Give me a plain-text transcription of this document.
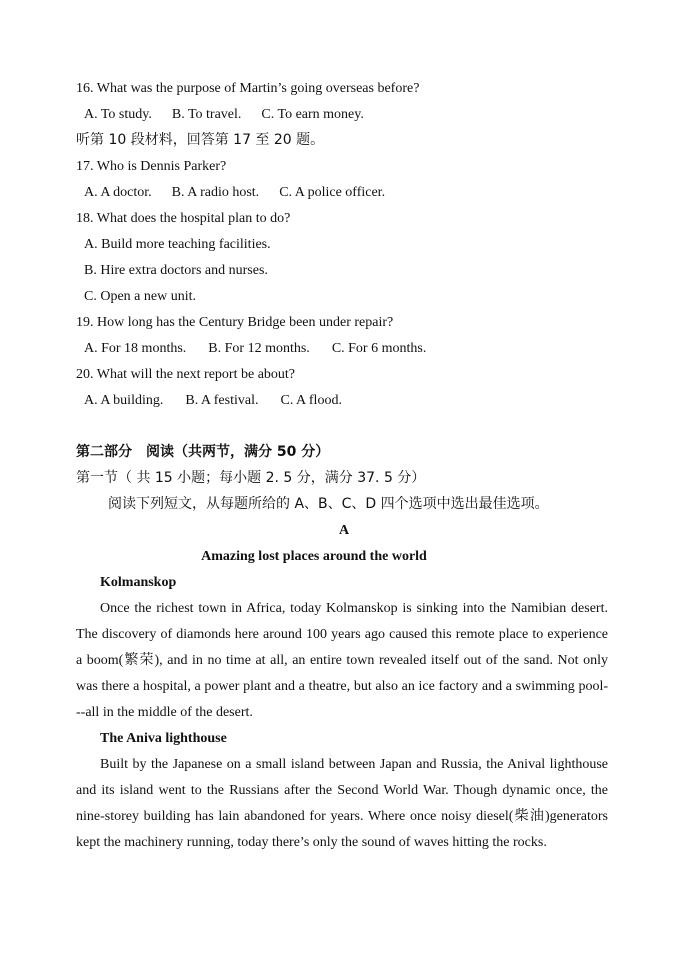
16. What was the purpose of Martin’s going overseas before?
A. To study. B. To travel. C. To earn money.
听第 10 段材料，回答第 17 至 20 题。
17. Who is Dennis Parker?
A. A doctor. B. A radio host. C. A police officer.
18. What does the hospital plan to do?
A. Build more teaching facilities.
B. Hire extra doctors and nurses.
C. Open a new unit.
19. How long has the Century Bridge been under repair?
A. For 18 months. B. For 12 months. C. For 6 months.
20. What will the next report be about?
A. A building. B. A festival. C. A flood.
第二部分　阅读（共两节，满分 50 分）
第一节（ 共 15 小题；每小题 2. 5 分，满分 37. 5 分）
阅读下列短文，从每题所给的 A、B、C、D 四个选项中选出最佳选项。
A
Amazing lost places around the world
Kolmanskop

Once the richest town in Africa, today Kolmanskop is sinking into the Namibian desert. The discovery of diamonds here around 100 years ago caused this remote place to experience a boom(繁荣), and in no time at all, an entire town revealed itself out of the sand. Not only was there a hospital, a power plant and a theatre, but also an ice factory and a swimming pool---all in the middle of the desert.

The Aniva lighthouse

Built by the Japanese on a small island between Japan and Russia, the Anival lighthouse and its island went to the Russians after the Second World War. Though dynamic once, the nine-storey building has lain abandoned for years. Where once noisy diesel(柴油)generators kept the machinery running, today there’s only the sound of waves hitting the rocks.
